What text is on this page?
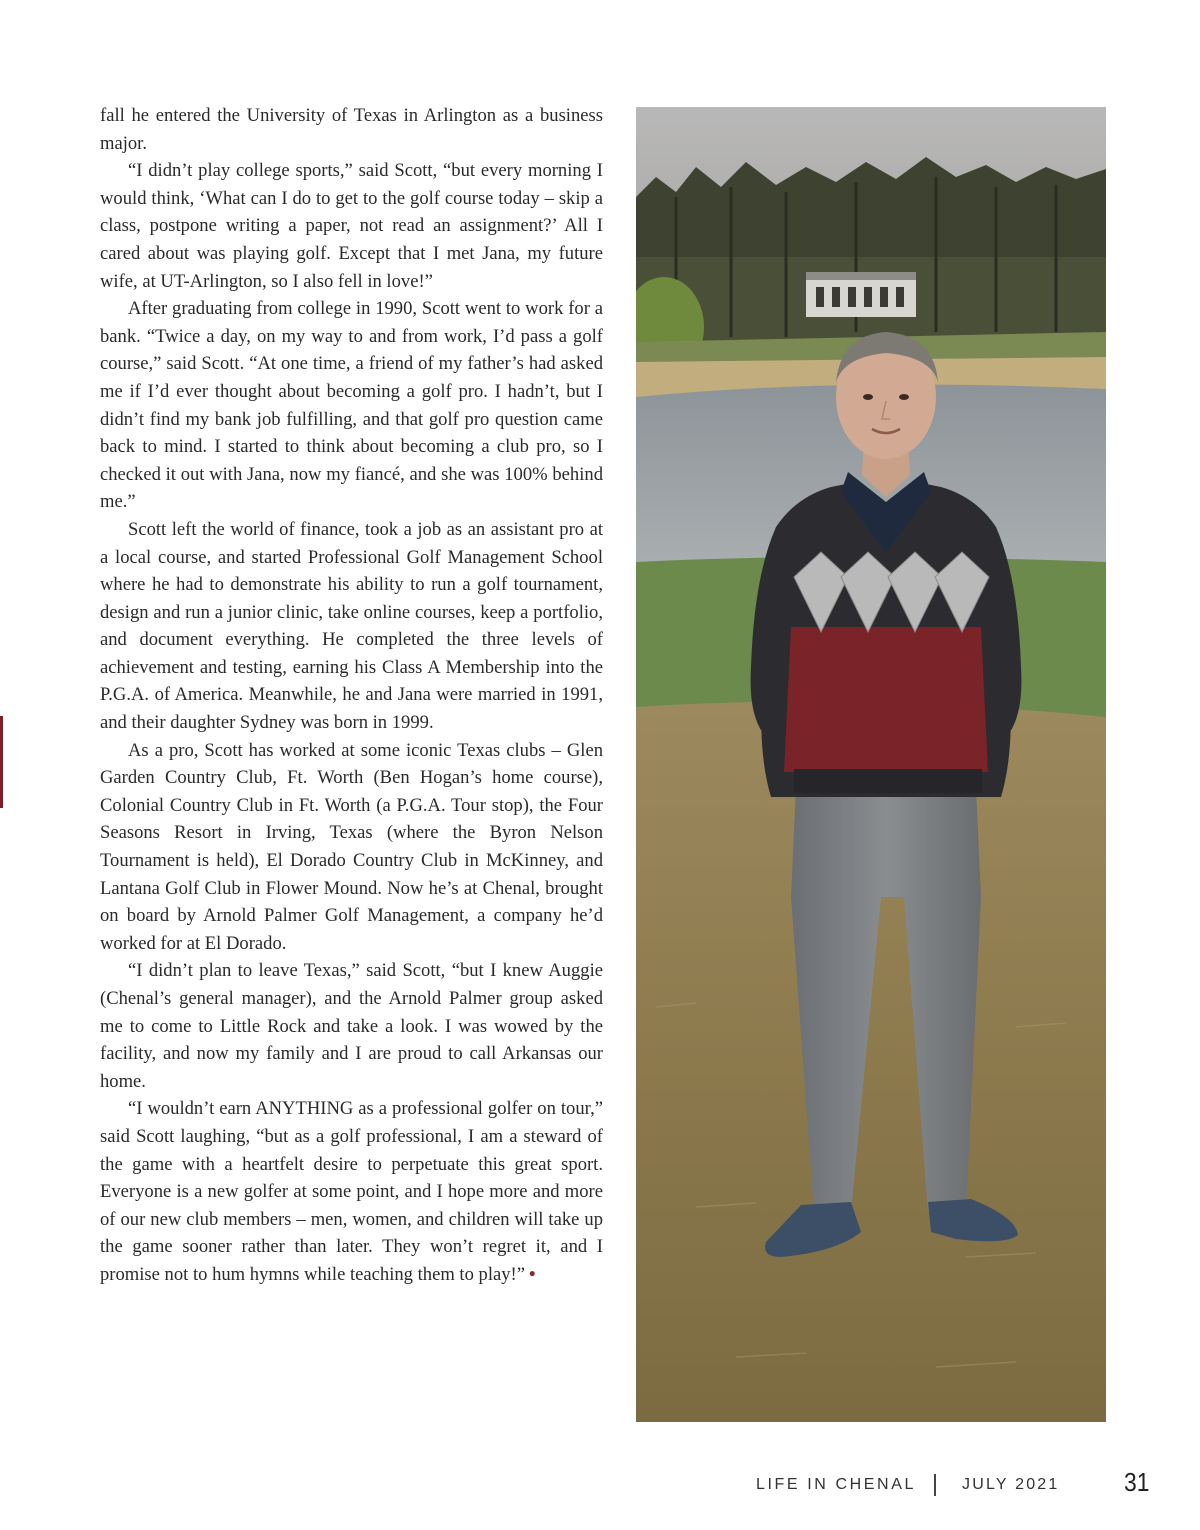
fall he entered the University of Texas in Arlington as a business major.

“I didn’t play college sports,” said Scott, “but every morning I would think, ‘What can I do to get to the golf course today – skip a class, postpone writing a paper, not read an assignment?’ All I cared about was playing golf. Except that I met Jana, my future wife, at UT-Arlington, so I also fell in love!”

After graduating from college in 1990, Scott went to work for a bank. “Twice a day, on my way to and from work, I’d pass a golf course,” said Scott. “At one time, a friend of my father’s had asked me if I’d ever thought about becoming a golf pro. I hadn’t, but I didn’t find my bank job fulfilling, and that golf pro question came back to mind. I started to think about becoming a club pro, so I checked it out with Jana, now my fiancé, and she was 100% behind me.”

Scott left the world of finance, took a job as an assistant pro at a local course, and started Professional Golf Management School where he had to demonstrate his ability to run a golf tournament, design and run a junior clinic, take online courses, keep a portfolio, and document everything. He completed the three levels of achievement and testing, earning his Class A Membership into the P.G.A. of America. Meanwhile, he and Jana were married in 1991, and their daughter Sydney was born in 1999.

As a pro, Scott has worked at some iconic Texas clubs – Glen Garden Country Club, Ft. Worth (Ben Hogan’s home course), Colonial Country Club in Ft. Worth (a P.G.A. Tour stop), the Four Seasons Resort in Irving, Texas (where the Byron Nelson Tournament is held), El Dorado Country Club in McKinney, and Lantana Golf Club in Flower Mound. Now he’s at Chenal, brought on board by Arnold Palmer Golf Management, a company he’d worked for at El Dorado.

“I didn’t plan to leave Texas,” said Scott, “but I knew Auggie (Chenal’s general manager), and the Arnold Palmer group asked me to come to Little Rock and take a look. I was wowed by the facility, and now my family and I are proud to call Arkansas our home.

“I wouldn’t earn ANYTHING as a professional golfer on tour,” said Scott laughing, “but as a golf professional, I am a steward of the game with a heartfelt desire to perpetuate this great sport. Everyone is a new golfer at some point, and I hope more and more of our new club members – men, women, and children will take up the game sooner rather than later. They won’t regret it, and I promise not to hum hymns while teaching them to play!” •

LIFE IN CHENAL	JULY 2021 31
